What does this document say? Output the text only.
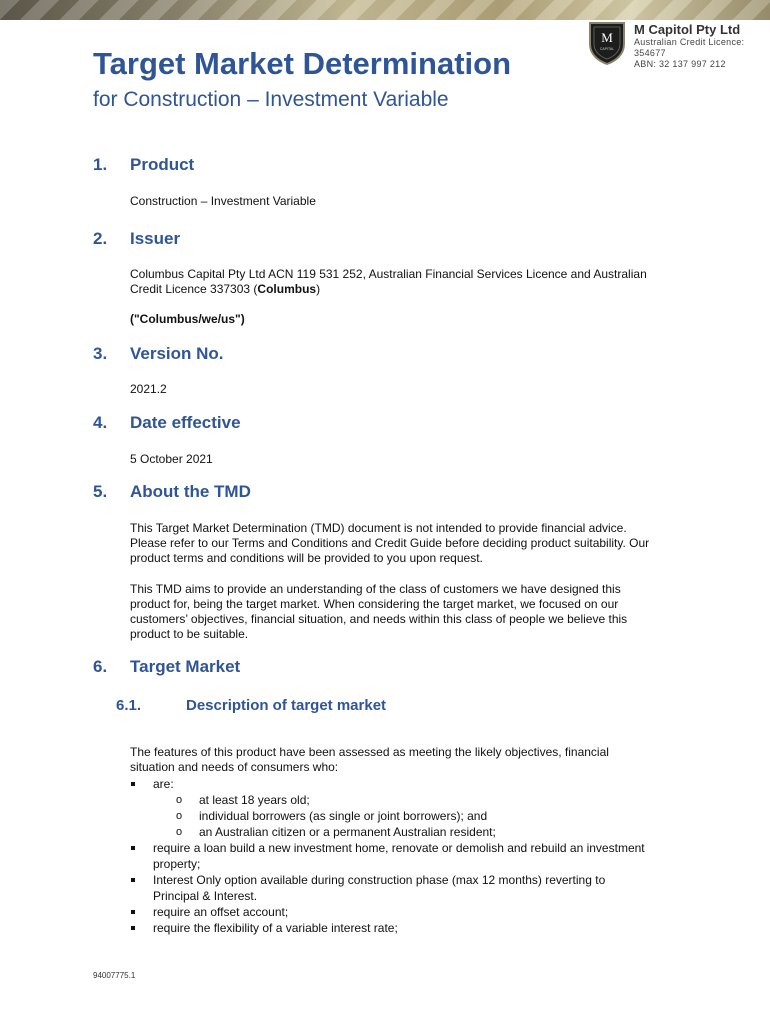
M
CAPITAL
M Capitol Pty Ltd
Australian Credit Licence: 354677
ABN: 32 137 997 212
Target Market Determination
for Construction – Investment Variable
1. Product

Construction – Investment Variable

2. Issuer

Columbus Capital Pty Ltd ACN 119 531 252, Australian Financial Services Licence and Australian Credit Licence 337303 (Columbus)

("Columbus/we/us")

3. Version No.

2021.2

4. Date effective

5 October 2021

5. About the TMD

This Target Market Determination (TMD) document is not intended to provide financial advice. Please refer to our Terms and Conditions and Credit Guide before deciding product suitability. Our product terms and conditions will be provided to you upon request.

This TMD aims to provide an understanding of the class of customers we have designed this product for, being the target market. When considering the target market, we focused on our customers’ objectives, financial situation, and needs within this class of people we believe this product to be suitable.

6. Target Market
6.1.	Description of target market

The features of this product have been assessed as meeting the likely objectives, financial situation and needs of consumers who:

are:
o at least 18 years old;
o individual borrowers (as single or joint borrowers); and
o an Australian citizen or a permanent Australian resident;
require a loan build a new investment home, renovate or demolish and rebuild an investment property;
Interest Only option available during construction phase (max 12 months) reverting to Principal & Interest.
require an offset account;
require the flexibility of a variable interest rate;
94007775.1
